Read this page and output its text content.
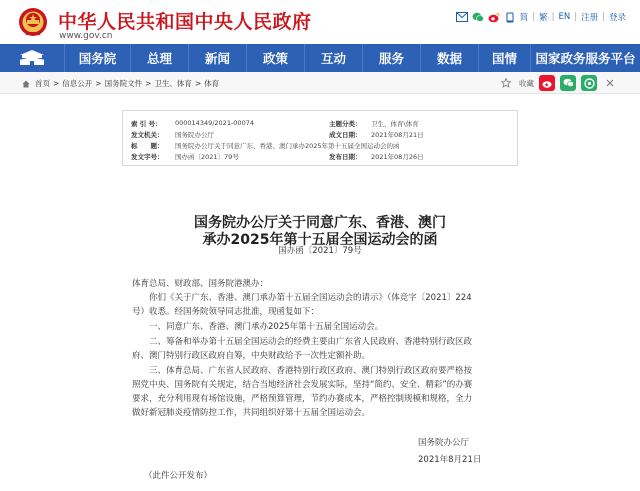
中华人民共和国中央人民政府
www.gov.cn
简 | 繁 | EN | 注册 | 登录
国务院	总理	新闻	政策	互动	服务	数据	国情	国家政务服务平台
首页 > 信息公开 > 国务院文件 > 卫生、体育 > 体育	收藏
索 引 号： 000014349/2021-00074	主题分类： 卫生、体育\体育
发文机关： 国务院办公厅	成文日期： 2021年08月21日
标　　题： 国务院办公厅关于同意广东、香港、澳门承办2025年第十五届全国运动会的函
发文字号： 国办函〔2021〕79号	发布日期： 2021年08月26日
国务院办公厅关于同意广东、香港、澳门
承办2025年第十五届全国运动会的函
国办函〔2021〕79号
体育总局、财政部、国务院港澳办：
你们《关于广东、香港、澳门承办第十五届全国运动会的请示》（体竞字〔2021〕224
号）收悉。经国务院领导同志批准，现函复如下：
一、同意广东、香港、澳门承办2025年第十五届全国运动会。
二、筹备和举办第十五届全国运动会的经费主要由广东省人民政府、香港特别行政区政
府、澳门特别行政区政府自筹，中央财政给予一次性定额补助。
三、体育总局、广东省人民政府、香港特别行政区政府、澳门特别行政区政府要严格按
照党中央、国务院有关规定，结合当地经济社会发展实际，坚持“简约、安全、精彩”的办赛
要求，充分利用现有场馆设施，严格预算管理，节约办赛成本，严格控制规模和规格，全力
做好新冠肺炎疫情防控工作，共同组织好第十五届全国运动会。
国务院办公厅
2021年8月21日
（此件公开发布）
